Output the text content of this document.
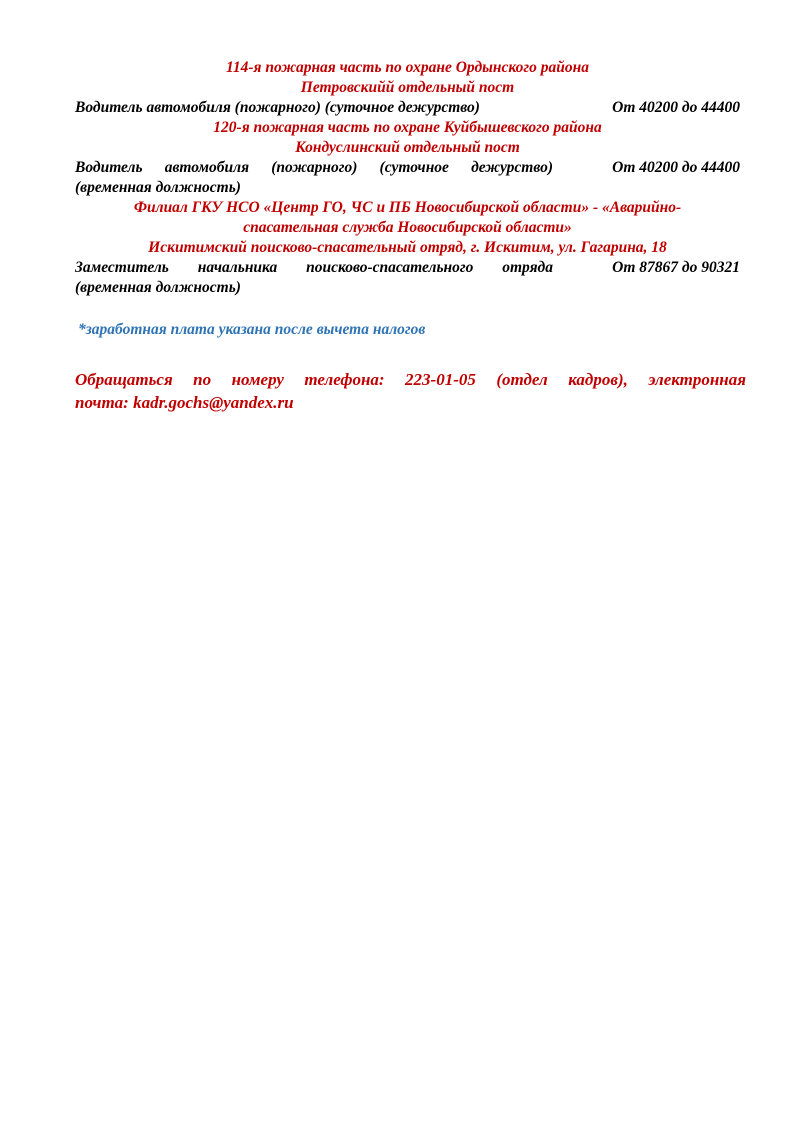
114-я пожарная часть по охране Ордынского района
Петровскийй отдельный пост
Водитель автомобиля (пожарного) (суточное дежурство)	От 40200 до 44400
120-я пожарная часть по охране Куйбышевского района
Кондуслинский отдельный пост
Водитель автомобиля (пожарного) (суточное дежурство)	От 40200 до 44400
(временная должность)
Филиал ГКУ НСО «Центр ГО, ЧС и ПБ Новосибирской области» - «Аварийно-
спасательная служба Новосибирской области»
Искитимский поисково-спасательный отряд, г. Искитим, ул. Гагарина, 18
Заместитель начальника поисково-спасательного отряда	От 87867 до 90321
(временная должность)
*заработная плата указана после вычета налогов
Обращаться по номеру телефона: 223-01-05 (отдел кадров), электронная
почта: kadr.gochs@yandex.ru
